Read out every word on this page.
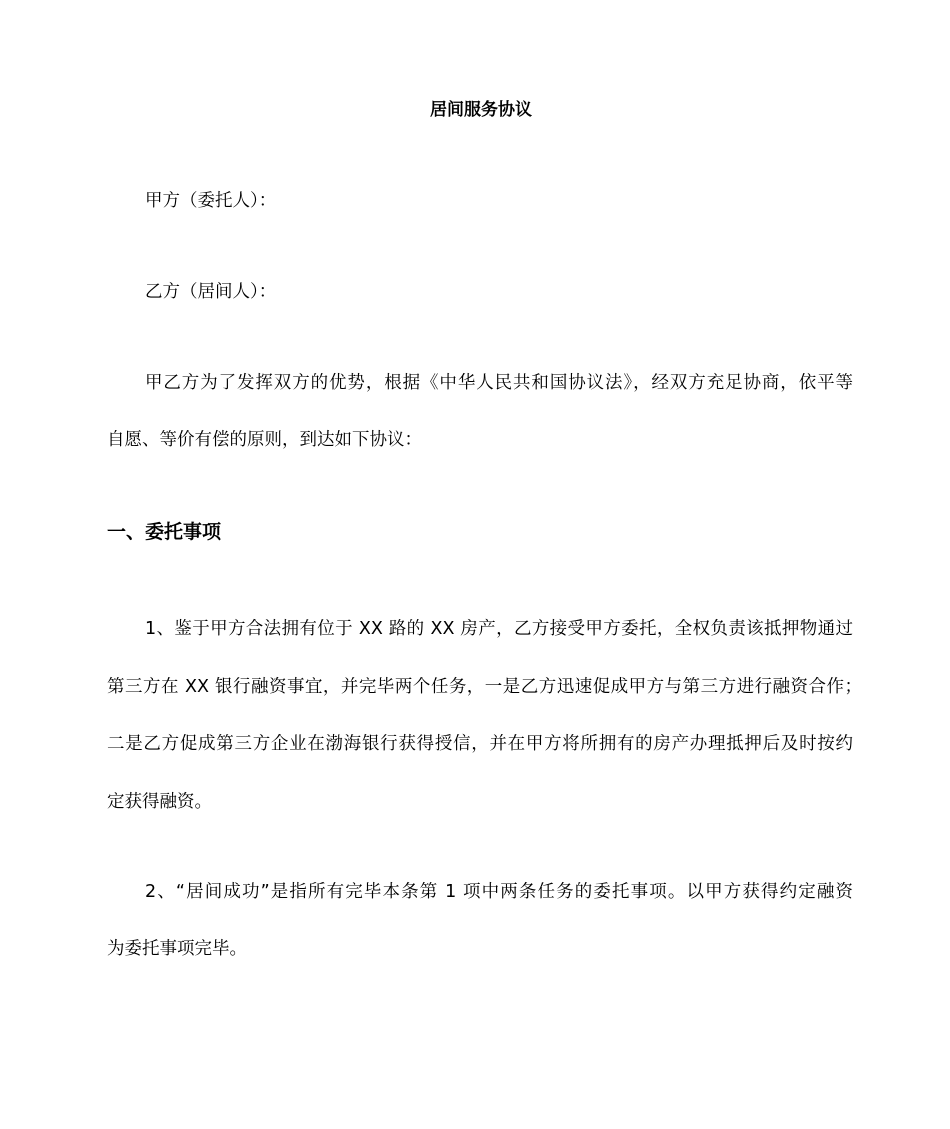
居间服务协议

甲方（委托人）：

乙方（居间人）：

甲乙方为了发挥双方的优势，根据《中华人民共和国协议法》，经双方充足协商，依平等

自愿、等价有偿的原则，到达如下协议：

一、委托事项

1、鉴于甲方合法拥有位于 XX 路的 XX 房产，乙方接受甲方委托，全权负责该抵押物通过

第三方在 XX 银行融资事宜，并完毕两个任务，一是乙方迅速促成甲方与第三方进行融资合作；

二是乙方促成第三方企业在渤海银行获得授信，并在甲方将所拥有的房产办理抵押后及时按约

定获得融资。

2、“居间成功”是指所有完毕本条第 1 项中两条任务的委托事项。以甲方获得约定融资

为委托事项完毕。
